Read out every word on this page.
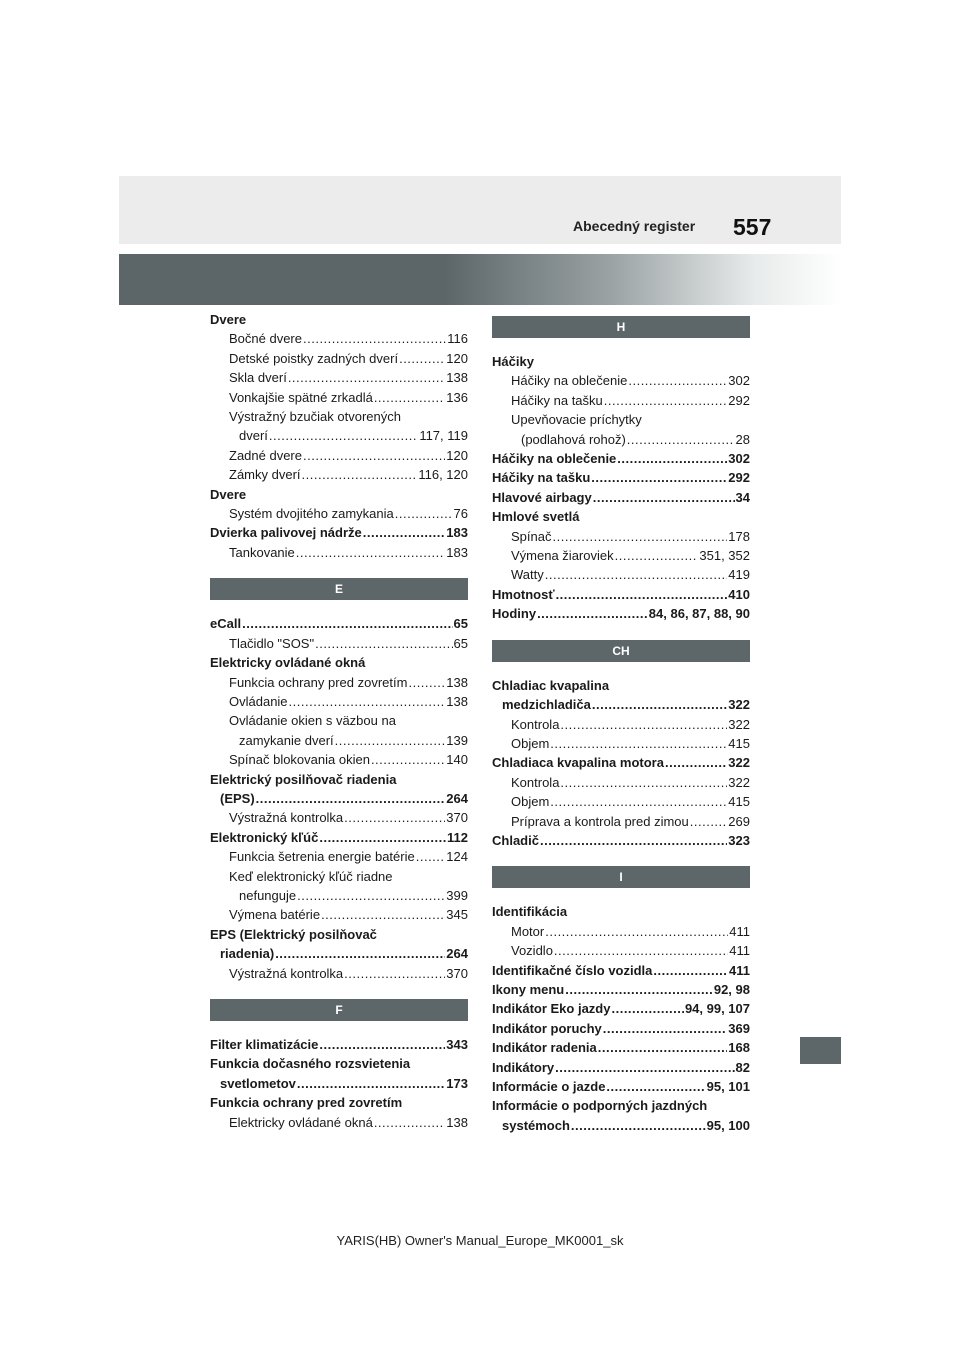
Abecedný register 557
Dvere
Bočné dvere .....	116
Detské poistky zadných dverí .....	120
Skla dverí .....	138
Vonkajšie spätné zrkadlá .....	136
Výstražný bzučiak otvorených
dverí .....	117, 119
Zadné dvere .....	120
Zámky dverí .....	116, 120
Dvere
Systém dvojitého zamykania .....	76
Dvierka palivovej nádrže .....	183
Tankovanie .....	183
E
eCall .....	65
Tlačidlo "SOS" .....	65
Elektricky ovládané okná
Funkcia ochrany pred zovretím .....	138
Ovládanie .....	138
Ovládanie okien s väzbou na
zamykanie dverí .....	139
Spínač blokovania okien .....	140
Elektrický posilňovač riadenia
(EPS) .....	264
Výstražná kontrolka .....	370
Elektronický kľúč .....	112
Funkcia šetrenia energie batérie ..... 124
Keď elektronický kľúč riadne
nefunguje .....	399
Výmena batérie .....	345
EPS (Elektrický posilňovač
riadenia) .....	264
Výstražná kontrolka .....	370
F
Filter klimatizácie .....	343
Funkcia dočasného rozsvietenia
svetlometov .....	173
Funkcia ochrany pred zovretím
Elektricky ovládané okná .....	138
H
Háčiky
Háčiky na oblečenie .....	302
Háčiky na tašku .....	292
Upevňovacie príchytky
(podlahová rohož) .....	28
Háčiky na oblečenie .....	302
Háčiky na tašku .....	292
Hlavové airbagy .....	34
Hmlové svetlá
Spínač .....	178
Výmena žiaroviek .....	351, 352
Watty .....	419
Hmotnosť .....	410
Hodiny .....	84, 86, 87, 88, 90
CH
Chladiac kvapalina
medzichladiča .....	322
Kontrola .....	322
Objem .....	415
Chladiaca kvapalina motora .....	322
Kontrola .....	322
Objem .....	415
Príprava a kontrola pred zimou .....	269
Chladič .....	323
I
Identifikácia
Motor .....	411
Vozidlo .....	411
Identifikačné číslo vozidla .....	411
Ikony menu .....	92, 98
Indikátor Eko jazdy .....	94, 99, 107
Indikátor poruchy .....	369
Indikátor radenia .....	168
Indikátory .....	82
Informácie o jazde .....	95, 101
Informácie o podporných jazdných
systémoch .....	95, 100
YARIS(HB) Owner's Manual_Europe_MK0001_sk
